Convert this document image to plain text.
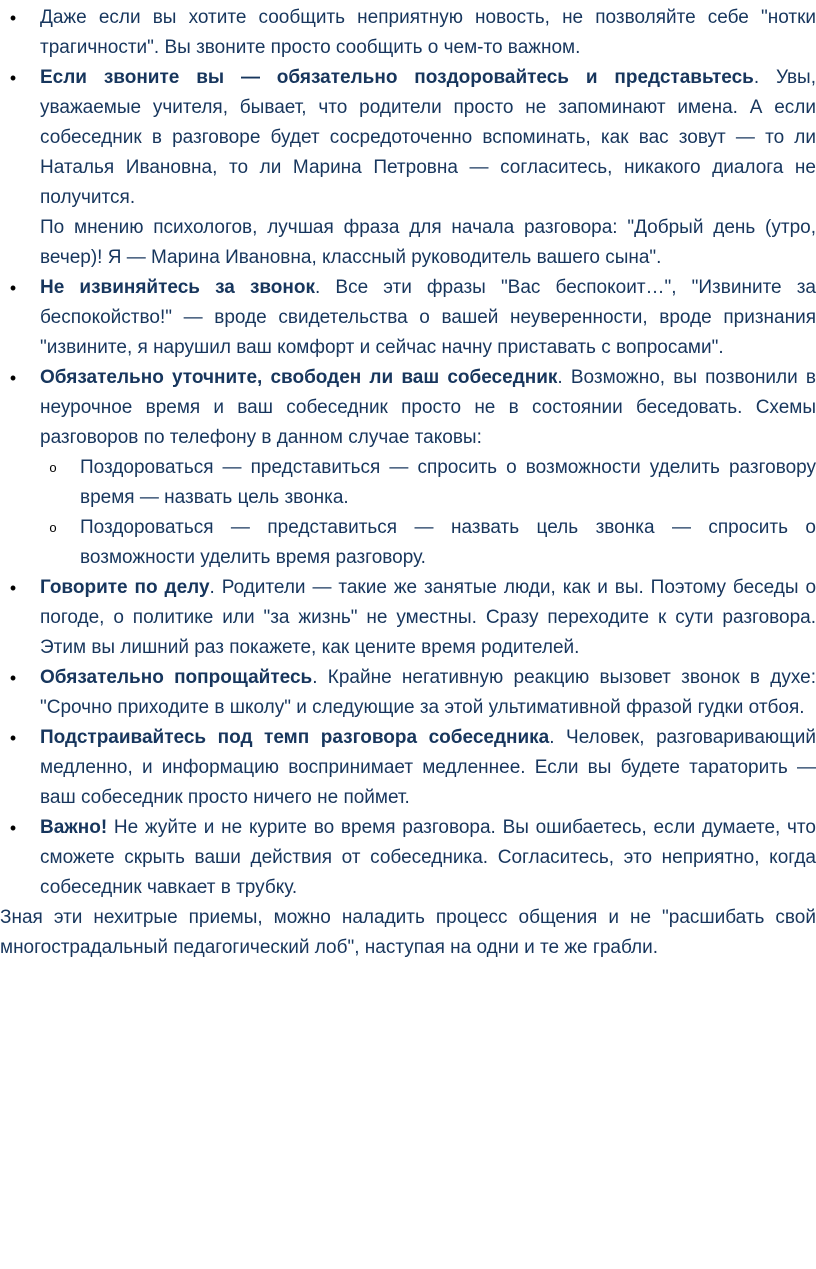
• Даже если вы хотите сообщить неприятную новость, не позволяйте себе "нотки трагичности". Вы звоните просто сообщить о чем-то важном.
• Если звоните вы — обязательно поздоровайтесь и представьтесь. Увы, уважаемые учителя, бывает, что родители просто не запоминают имена. А если собеседник в разговоре будет сосредоточенно вспоминать, как вас зовут — то ли Наталья Ивановна, то ли Марина Петровна — согласитесь, никакого диалога не получится.
По мнению психологов, лучшая фраза для начала разговора: "Добрый день (утро, вечер)! Я — Марина Ивановна, классный руководитель вашего сына".
• Не извиняйтесь за звонок. Все эти фразы "Вас беспокоит…", "Извините за беспокойство!" — вроде свидетельства о вашей неуверенности, вроде признания "извините, я нарушил ваш комфорт и сейчас начну приставать с вопросами".
• Обязательно уточните, свободен ли ваш собеседник. Возможно, вы позвонили в неурочное время и ваш собеседник просто не в состоянии беседовать. Схемы разговоров по телефону в данном случае таковы:
o Поздороваться — представиться — спросить о возможности уделить разговору время — назвать цель звонка.
o Поздороваться — представиться — назвать цель звонка — спросить о возможности уделить время разговору.
• Говорите по делу. Родители — такие же занятые люди, как и вы. Поэтому беседы о погоде, о политике или "за жизнь" не уместны. Сразу переходите к сути разговора. Этим вы лишний раз покажете, как цените время родителей.
• Обязательно попрощайтесь. Крайне негативную реакцию вызовет звонок в духе: "Срочно приходите в школу" и следующие за этой ультимативной фразой гудки отбоя.
• Подстраивайтесь под темп разговора собеседника. Человек, разговаривающий медленно, и информацию воспринимает медленнее. Если вы будете тараторить — ваш собеседник просто ничего не поймет.
• Важно! Не жуйте и не курите во время разговора. Вы ошибаетесь, если думаете, что сможете скрыть ваши действия от собеседника. Согласитесь, это неприятно, когда собеседник чавкает в трубку.

Зная эти нехитрые приемы, можно наладить процесс общения и не "расшибать свой многострадальный педагогический лоб", наступая на одни и те же грабли.
